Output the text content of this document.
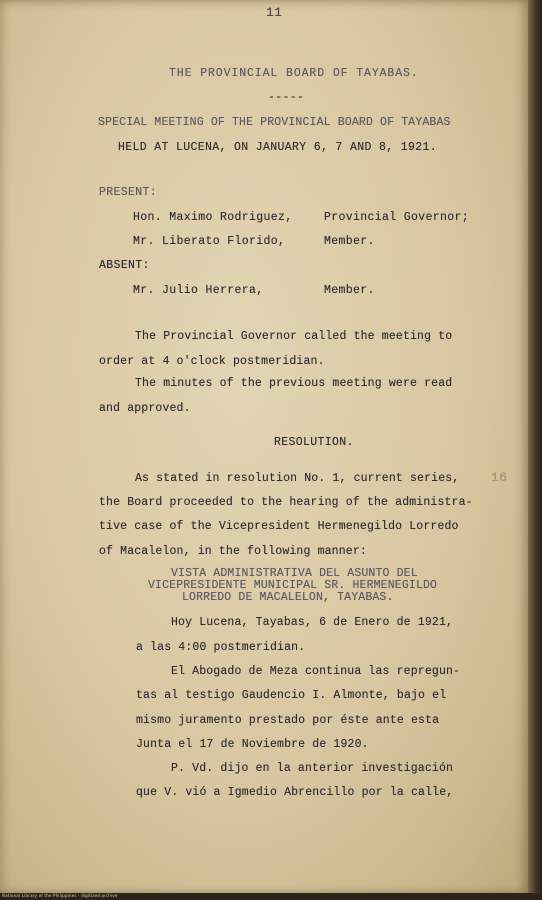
11
16
THE PROVINCIAL BOARD OF TAYABAS.
-----
SPECIAL MEETING OF THE PROVINCIAL BOARD OF TAYABAS
HELD AT LUCENA, ON JANUARY 6, 7 AND 8, 1921.
PRESENT:
Hon. Maximo Rodriguez,	Provincial Governor;
Mr. Liberato Florido,	Member.
ABSENT:
Mr. Julio Herrera,	Member.
The Provincial Governor called the meeting to
order at 4 o'clock postmeridian.
The minutes of the previous meeting were read
and approved.
RESOLUTION.
As stated in resolution No. 1, current series,
the Board proceeded to the hearing of the administra-
tive case of the Vicepresident Hermenegildo Lorredo
of Macalelon, in the following manner:
VISTA ADMINISTRATIVA DEL ASUNTO DEL
VICEPRESIDENTE MUNICIPAL SR. HERMENEGILDO
LORREDO DE MACALELON, TAYABAS.
Hoy Lucena, Tayabas, 6 de Enero de 1921,
a las 4:00 postmeridian.
El Abogado de Meza continua las repregun-
tas al testigo Gaudencio I. Almonte, bajo el
mismo juramento prestado por éste ante esta
Junta el 17 de Noviembre de 1920.
P. Vd. dijo en la anterior investigación
que V. vió a Igmedio Abrencillo por la calle,
National Library of the Philippines · digitized archive
